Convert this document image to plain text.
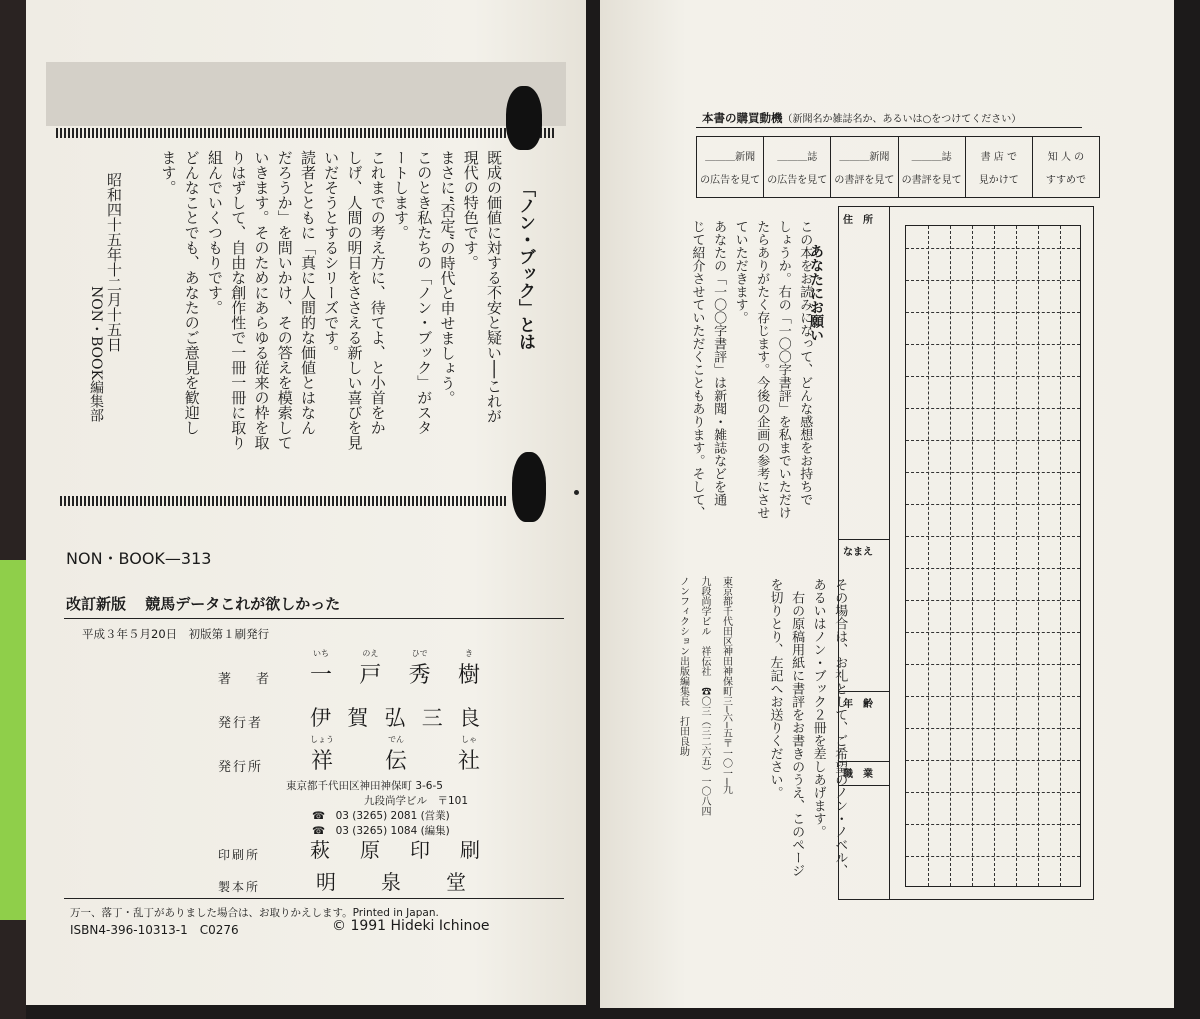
「ノン・ブック」とは
既成の価値に対する不安と疑い──これが
現代の特色です。
まさに“否定”の時代と申せましょう。
このとき私たちの「ノン・ブック」がスタ
ートします。
これまでの考え方に、待てよ、と小首をか
しげ、人間の明日をささえる新しい喜びを見
いだそうとするシリーズです。
読者とともに「真に人間的な価値とはなん
だろうか」を問いかけ、その答えを模索して
いきます。そのためにあらゆる従来の枠を取
りはずして、自由な創作性で一冊一冊に取り
組んでいくつもりです。
どんなことでも、あなたのご意見を歓迎し
ます。
昭和四十五年十二月十五日
NON・BOOK編集部
NON・BOOK—313
改訂新版 競馬データこれが欲しかった
平成３年５月20日　初版第１刷発行
著　者
いち
一
のえ
戸
ひで
秀
き
樹
発行者 伊 賀 弘 三 良
発行所
しょう
祥
でん
伝
しゃ
社
東京都千代田区神田神保町 3-6-5
九段尚学ビル　〒101
☎　03 (3265) 2081 (営業)
☎　03 (3265) 1084 (編集)
印刷所 萩 原 印 刷
製本所	明 泉 堂
万一、落丁・乱丁がありました場合は、お取りかえします。Printed in Japan.
ISBN4-396-10313-1　C0276	© 1991 Hideki Ichinoe
本書の購買動機（新聞名か雑誌名か、あるいは○をつけてください）
＿＿＿新聞
の広告を見て
＿＿＿誌
の広告を見て
＿＿＿新聞
の書評を見て
＿＿＿誌
の書評を見て
書 店 で
見かけて
知 人 の
すすめで
あなたにお願い
この本をお読みになって、どんな感想をお持ちで
しょうか。右の「一〇〇字書評」を私までいただけ
たらありがたく存じます。今後の企画の参考にさせ
ていただきます。
あなたの「一〇〇字書評」は新聞・雑誌などを通
じて紹介させていただくこともあります。そして、
その場合は、お礼として、ご希望のノン・ノベル、
あるいはノン・ブック２冊を差しあげます。
　右の原稿用紙に書評をお書きのうえ、このページ
を切りとり、左記へお送りください。
東京都千代田区神田神保町三─六─五〒一〇一─九
九段尚学ビル　祥伝社　☎〇三（三二六五）一〇八四
ノンフィクション出版編集長　打田良助
住　所
なまえ
年　齢
職　業
